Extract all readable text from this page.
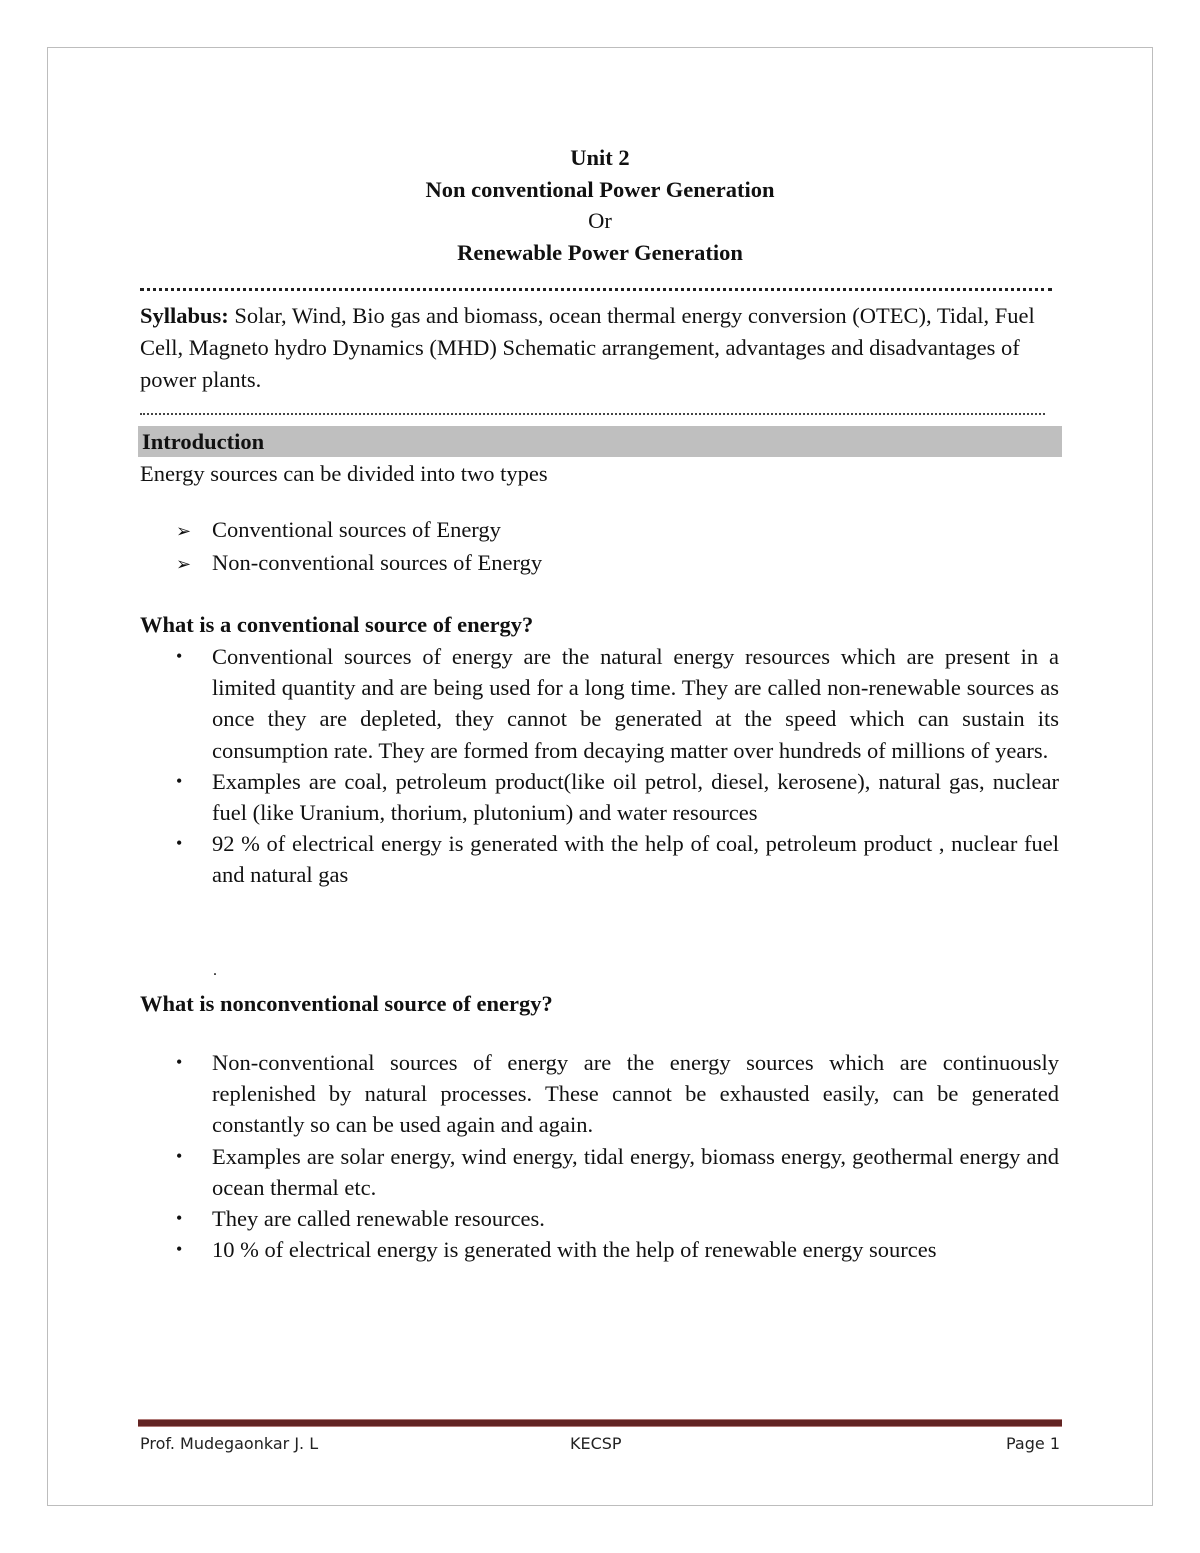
Unit 2
Non conventional Power Generation
Or
Renewable Power Generation
Syllabus: Solar, Wind, Bio gas and biomass, ocean thermal energy conversion (OTEC), Tidal, Fuel Cell, Magneto hydro Dynamics (MHD) Schematic arrangement, advantages and disadvantages of power plants.
Introduction
Energy sources can be divided into two types
➢ Conventional sources of Energy
➢ Non-conventional sources of Energy
What is a conventional source of energy?
• Conventional sources of energy are the natural energy resources which are present in a limited quantity and are being used for a long time. They are called non-renewable sources as once they are depleted, they cannot be generated at the speed which can sustain its consumption rate. They are formed from decaying matter over hundreds of millions of years.
• Examples are coal, petroleum product(like oil petrol, diesel, kerosene), natural gas, nuclear fuel (like Uranium, thorium, plutonium) and water resources
• 92 % of electrical energy is generated with the help of coal, petroleum product , nuclear fuel and natural gas
.
What is nonconventional source of energy?
• Non-conventional sources of energy are the energy sources which are continuously replenished by natural processes. These cannot be exhausted easily, can be generated constantly so can be used again and again.
• Examples are solar energy, wind energy, tidal energy, biomass energy, geothermal energy and ocean thermal etc.
• They are called renewable resources.
• 10 % of electrical energy is generated with the help of renewable energy sources
Prof. Mudegaonkar J. L	KECSP	Page 1
